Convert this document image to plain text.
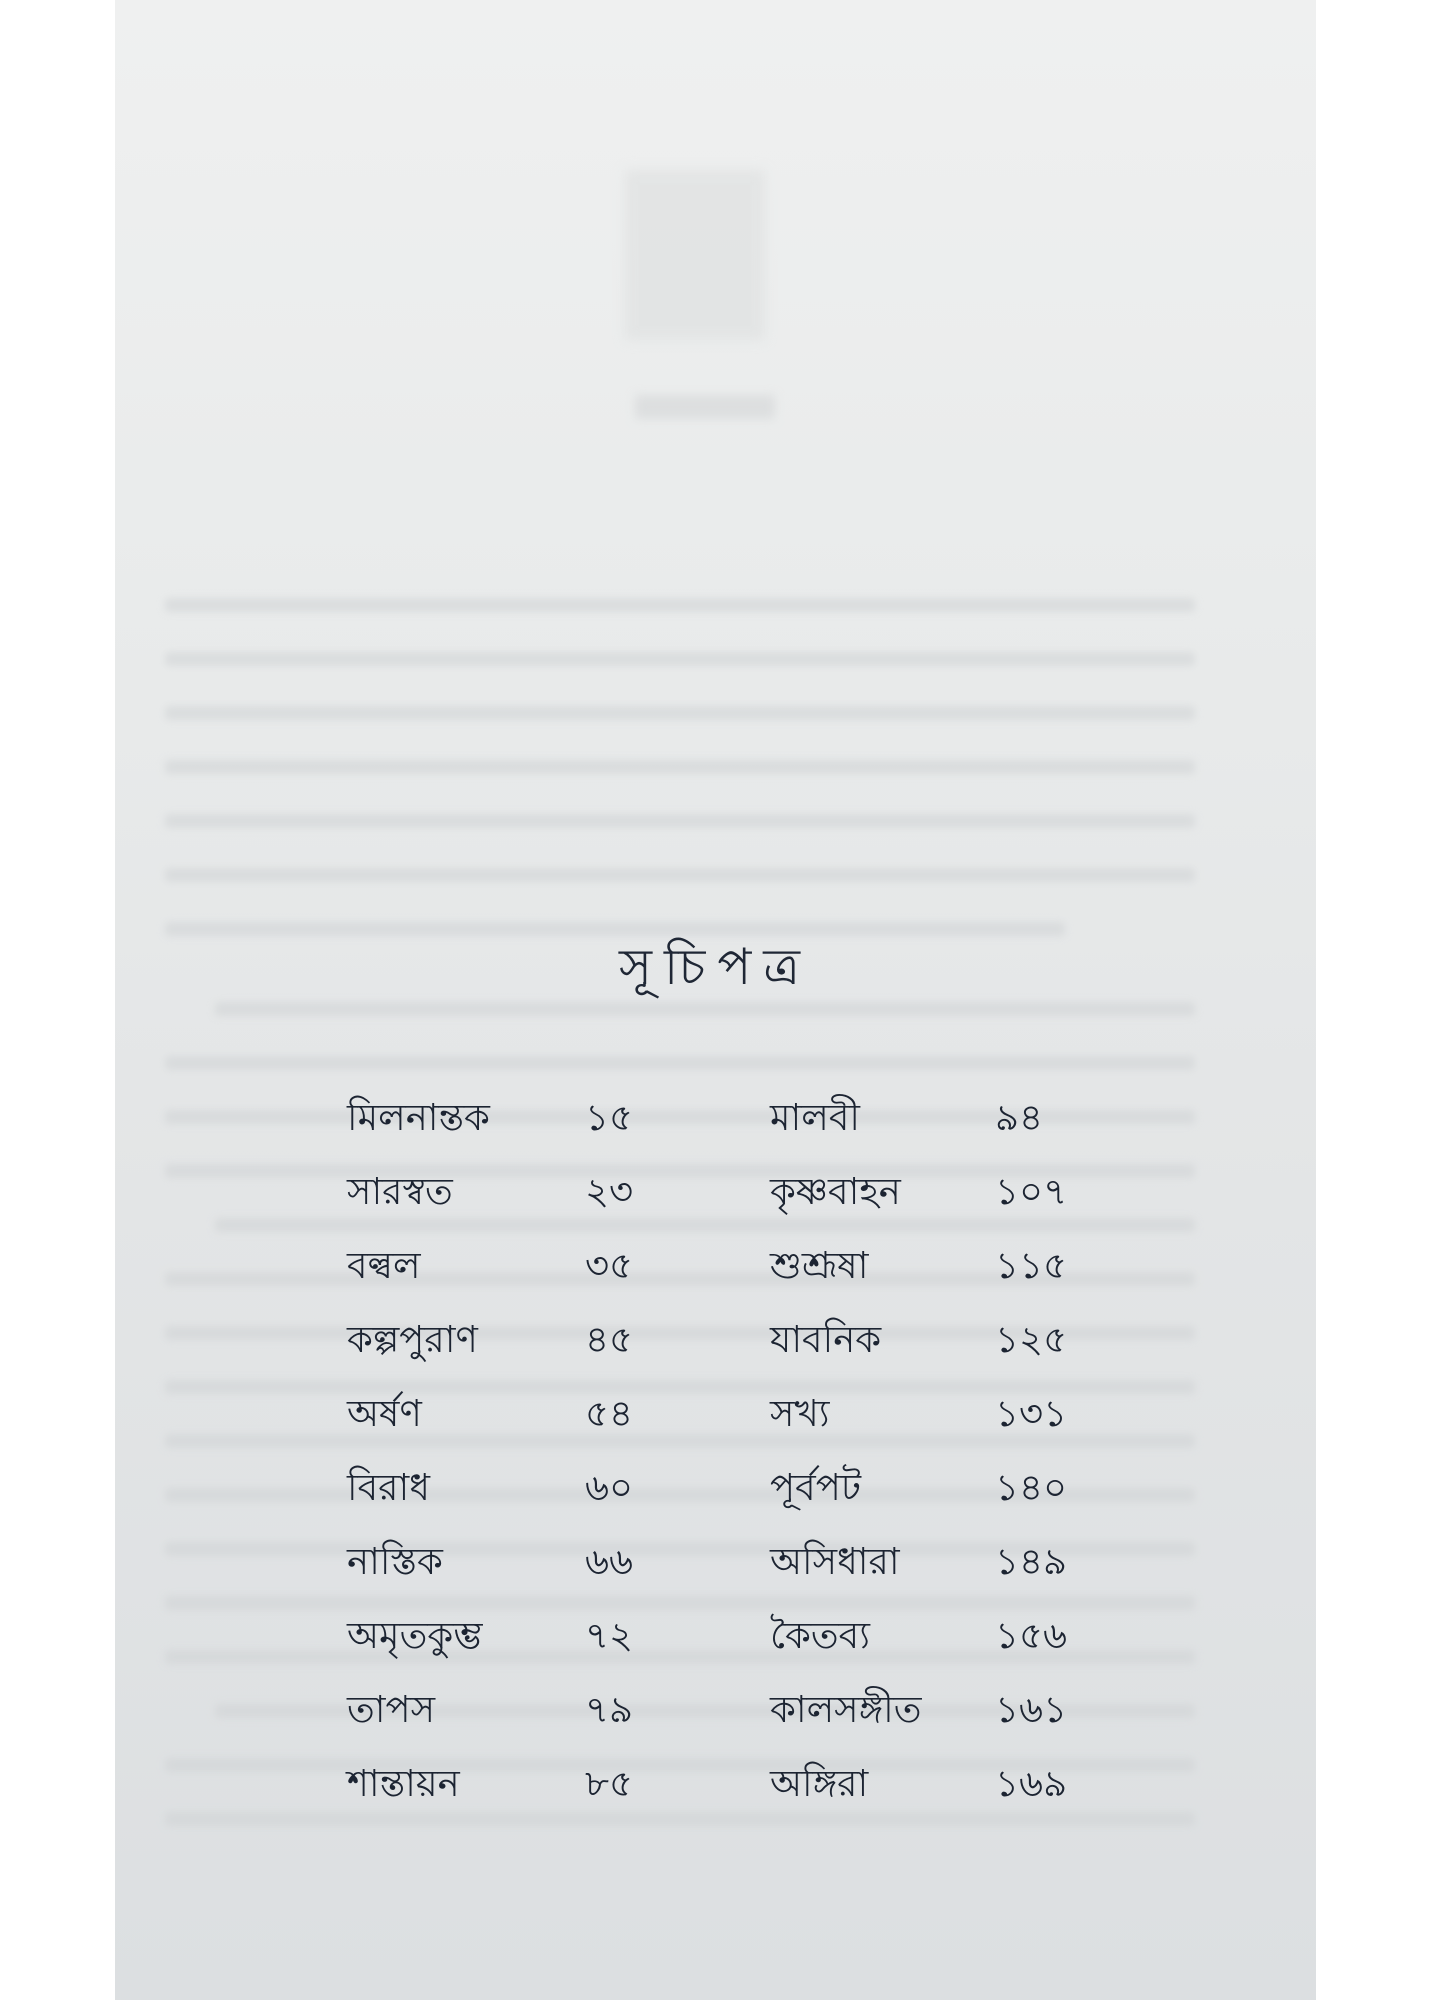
সূচিপত্র
মিলনান্তক	১৫	মালবী	৯৪
সারস্বত	২৩	কৃষ্ণবাহন	১০৭
বল্বল	৩৫	শুশ্রূষা	১১৫
কল্পপুরাণ	৪৫	যাবনিক	১২৫
অর্ষণ	৫৪	সখ্য	১৩১
বিরাধ	৬০	পূর্বপট	১৪০
নাস্তিক	৬৬	অসিধারা	১৪৯
অমৃতকুম্ভ	৭২	কৈতব্য	১৫৬
তাপস	৭৯	কালসঙ্গীত ১৬১
শান্তায়ন	৮৫	অঙ্গিরা	১৬৯
